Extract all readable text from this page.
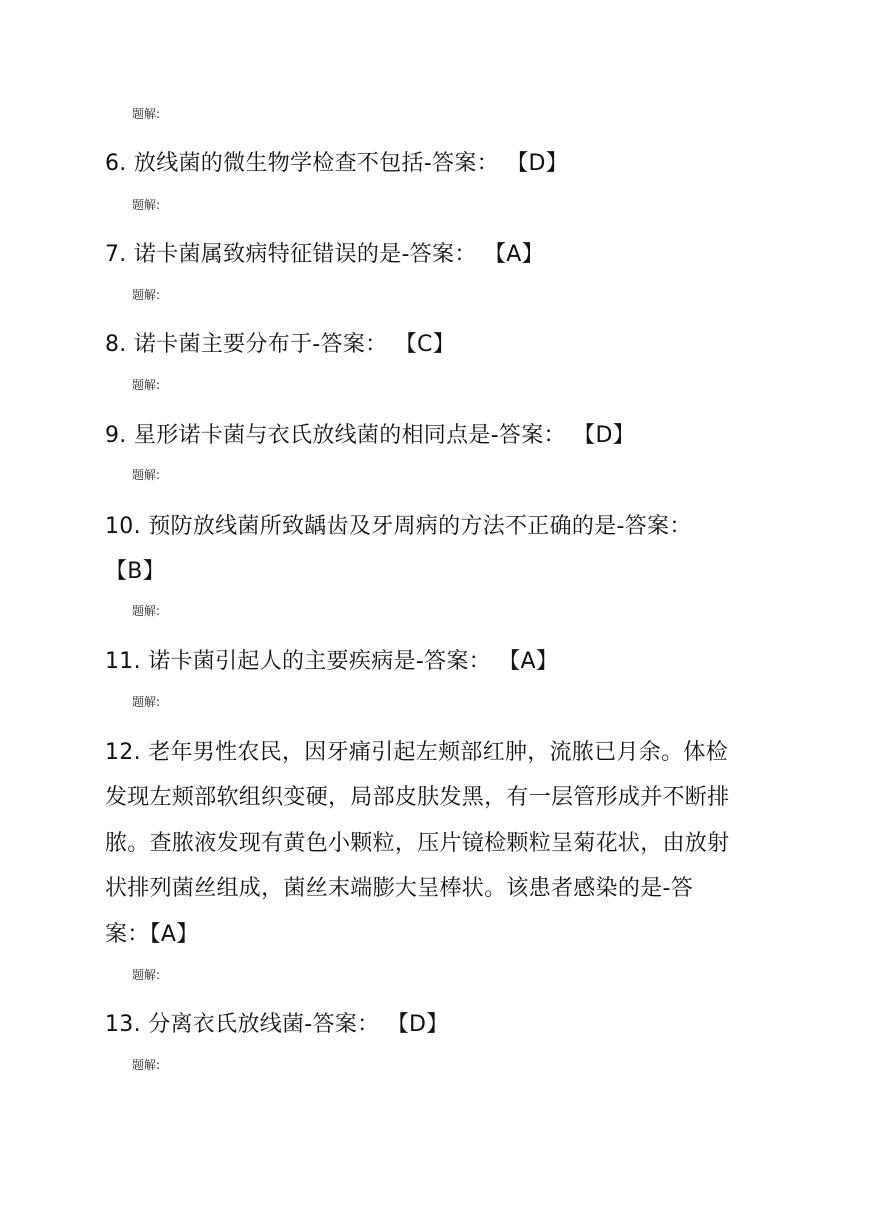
题解:
6. 放线菌的微生物学检查不包括-答案： 【D】
题解:
7. 诺卡菌属致病特征错误的是-答案： 【A】
题解:
8. 诺卡菌主要分布于-答案： 【C】
题解:
9. 星形诺卡菌与衣氏放线菌的相同点是-答案： 【D】
题解:
10. 预防放线菌所致龋齿及牙周病的方法不正确的是-答案：
【B】
题解:
11. 诺卡菌引起人的主要疾病是-答案： 【A】
题解:
12. 老年男性农民，因牙痛引起左颊部红肿，流脓已月余。体检
发现左颊部软组织变硬，局部皮肤发黑，有一层管形成并不断排
脓。查脓液发现有黄色小颗粒，压片镜检颗粒呈菊花状，由放射
状排列菌丝组成，菌丝末端膨大呈棒状。该患者感染的是-答
案：【A】
题解:
13. 分离衣氏放线菌-答案： 【D】
题解:
